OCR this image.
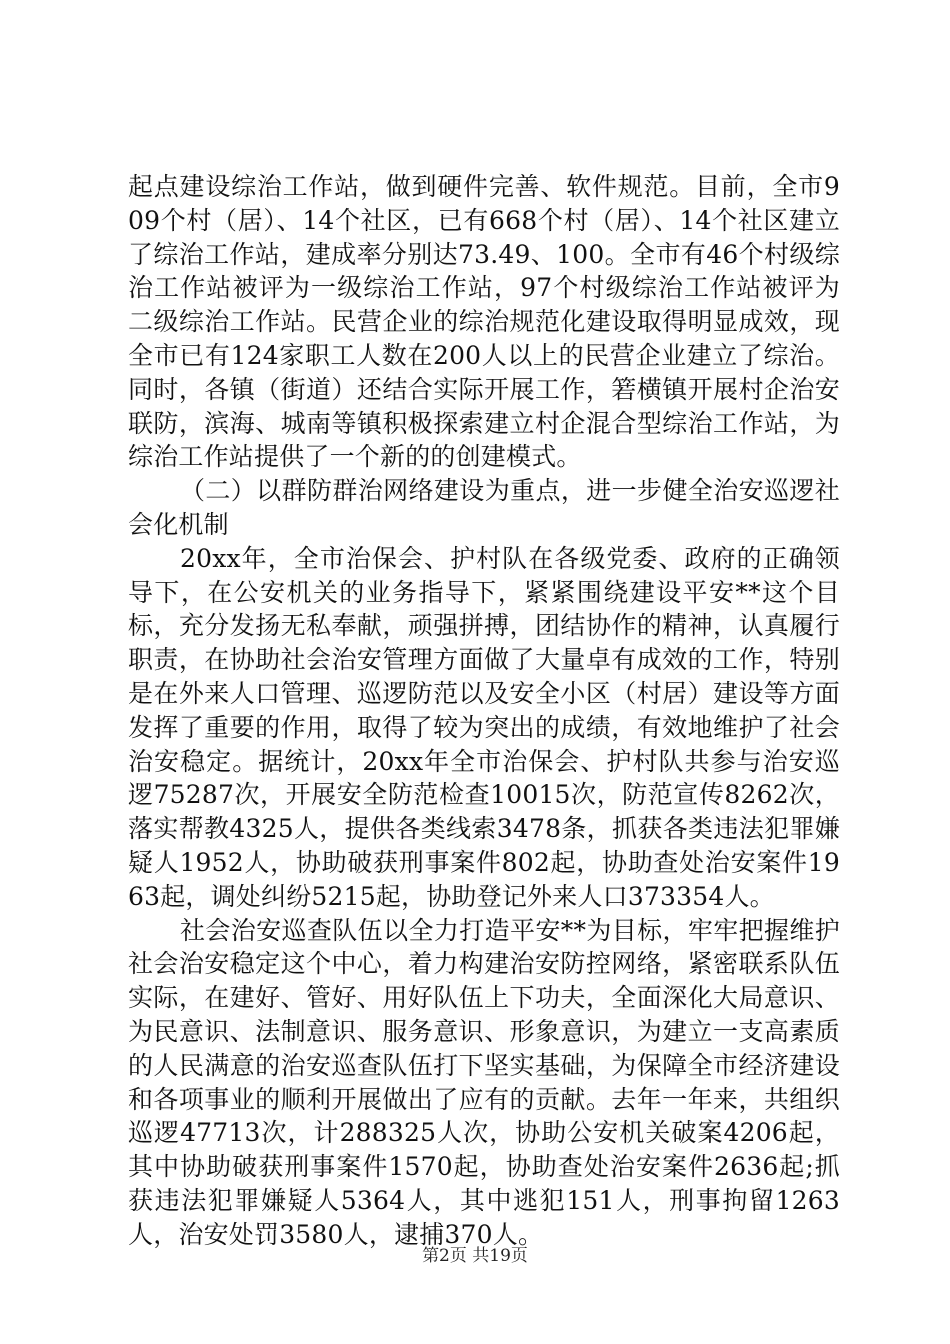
起点建设综治工作站，做到硬件完善、软件规范。目前，全市909个村（居）、14个社区，已有668个村（居）、14个社区建立了综治工作站，建成率分别达73.49、100。全市有46个村级综治工作站被评为一级综治工作站，97个村级综治工作站被评为二级综治工作站。民营企业的综治规范化建设取得明显成效，现全市已有124家职工人数在200人以上的民营企业建立了综治。同时，各镇（街道）还结合实际开展工作，箬横镇开展村企治安联防，滨海、城南等镇积极探索建立村企混合型综治工作站，为综治工作站提供了一个新的的创建模式。

（二）以群防群治网络建设为重点，进一步健全治安巡逻社会化机制

20xx年，全市治保会、护村队在各级党委、政府的正确领导下，在公安机关的业务指导下，紧紧围绕建设平安**这个目标，充分发扬无私奉献，顽强拼搏，团结协作的精神，认真履行职责，在协助社会治安管理方面做了大量卓有成效的工作，特别是在外来人口管理、巡逻防范以及安全小区（村居）建设等方面发挥了重要的作用，取得了较为突出的成绩，有效地维护了社会治安稳定。据统计，20xx年全市治保会、护村队共参与治安巡逻75287次，开展安全防范检查10015次，防范宣传8262次，落实帮教4325人，提供各类线索3478条，抓获各类违法犯罪嫌疑人1952人，协助破获刑事案件802起，协助查处治安案件1963起，调处纠纷5215起，协助登记外来人口373354人。

社会治安巡查队伍以全力打造平安**为目标，牢牢把握维护社会治安稳定这个中心，着力构建治安防控网络，紧密联系队伍实际，在建好、管好、用好队伍上下功夫，全面深化大局意识、为民意识、法制意识、服务意识、形象意识，为建立一支高素质的人民满意的治安巡查队伍打下坚实基础，为保障全市经济建设和各项事业的顺利开展做出了应有的贡献。去年一年来，共组织巡逻47713次，计288325人次，协助公安机关破案4206起，其中协助破获刑事案件1570起，协助查处治安案件2636起;抓获违法犯罪嫌疑人5364人，其中逃犯151人，刑事拘留1263人，治安处罚3580人，逮捕370人。

第2页 共19页
